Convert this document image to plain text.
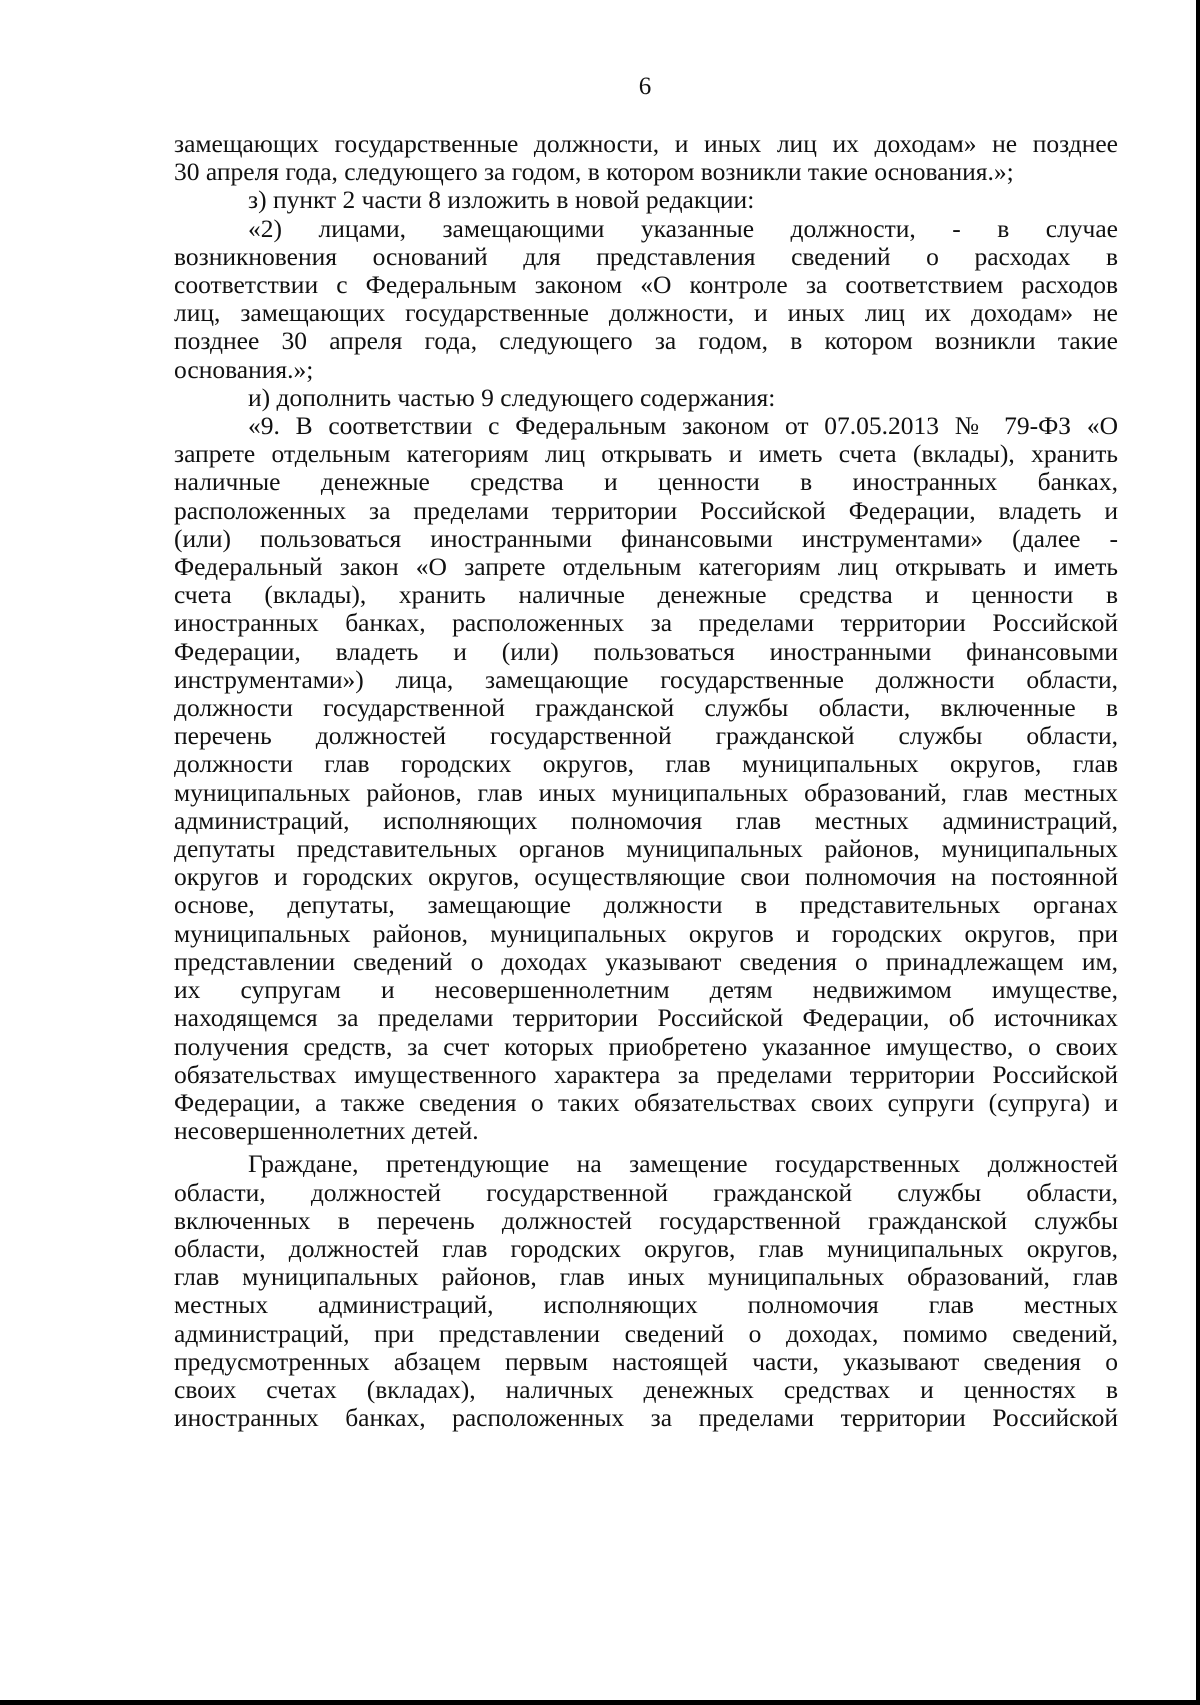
6

замещающих государственные должности, и иных лиц их доходам» не позднее

30 апреля года, следующего за годом, в котором возникли такие основания.»;

з) пункт 2 части 8 изложить в новой редакции:

«2) лицами, замещающими указанные должности, - в случае

возникновения оснований для представления сведений о расходах в

соответствии с Федеральным законом «О контроле за соответствием расходов

лиц, замещающих государственные должности, и иных лиц их доходам» не

позднее 30 апреля года, следующего за годом, в котором возникли такие

основания.»;

и) дополнить частью 9 следующего содержания:

«9. В соответствии с Федеральным законом от 07.05.2013 № 79-ФЗ «О

запрете отдельным категориям лиц открывать и иметь счета (вклады), хранить

наличные денежные средства и ценности в иностранных банках,

расположенных за пределами территории Российской Федерации, владеть и

(или) пользоваться иностранными финансовыми инструментами» (далее -

Федеральный закон «О запрете отдельным категориям лиц открывать и иметь

счета (вклады), хранить наличные денежные средства и ценности в

иностранных банках, расположенных за пределами территории Российской

Федерации, владеть и (или) пользоваться иностранными финансовыми

инструментами») лица, замещающие государственные должности области,

должности государственной гражданской службы области, включенные в

перечень должностей государственной гражданской службы области,

должности глав городских округов, глав муниципальных округов, глав

муниципальных районов, глав иных муниципальных образований, глав местных

администраций, исполняющих полномочия глав местных администраций,

депутаты представительных органов муниципальных районов, муниципальных

округов и городских округов, осуществляющие свои полномочия на постоянной

основе, депутаты, замещающие должности в представительных органах

муниципальных районов, муниципальных округов и городских округов, при

представлении сведений о доходах указывают сведения о принадлежащем им,

их супругам и несовершеннолетним детям недвижимом имуществе,

находящемся за пределами территории Российской Федерации, об источниках

получения средств, за счет которых приобретено указанное имущество, о своих

обязательствах имущественного характера за пределами территории Российской

Федерации, а также сведения о таких обязательствах своих супруги (супруга) и

несовершеннолетних детей.

Граждане, претендующие на замещение государственных должностей

области, должностей государственной гражданской службы области,

включенных в перечень должностей государственной гражданской службы

области, должностей глав городских округов, глав муниципальных округов,

глав муниципальных районов, глав иных муниципальных образований, глав

местных администраций, исполняющих полномочия глав местных

администраций, при представлении сведений о доходах, помимо сведений,

предусмотренных абзацем первым настоящей части, указывают сведения о

своих счетах (вкладах), наличных денежных средствах и ценностях в

иностранных банках, расположенных за пределами территории Российской
